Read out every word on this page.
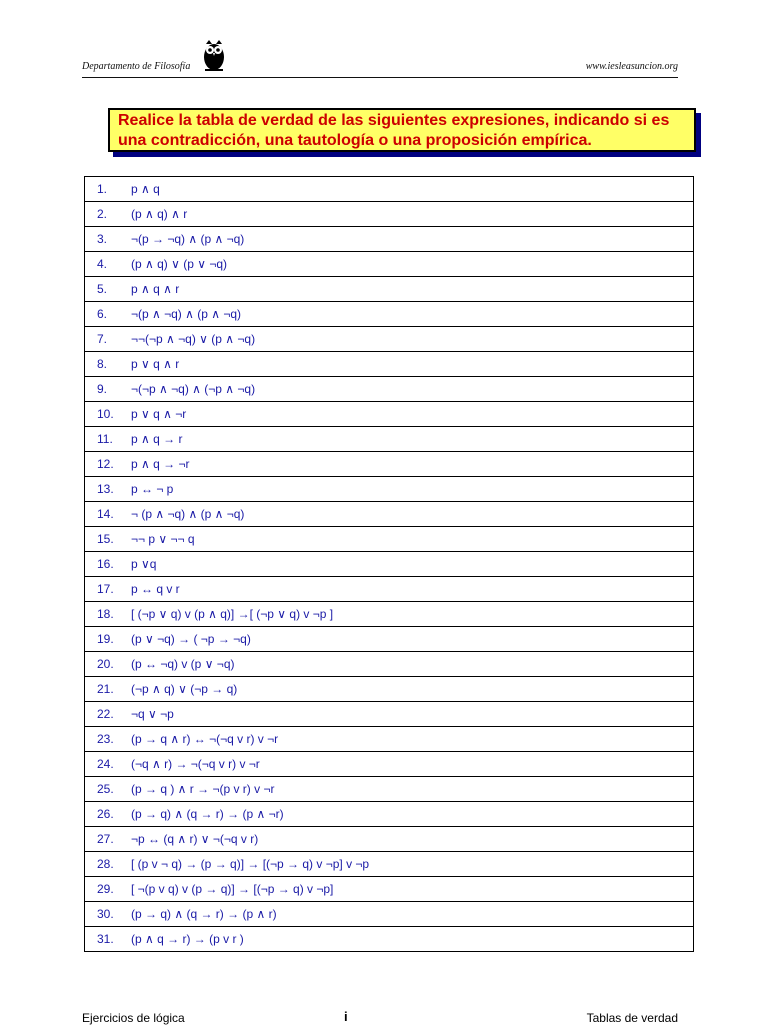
Departamento de Filosofía	www.iesleasuncion.org
Realice la tabla de verdad de las siguientes expresiones, indicando si es una contradicción, una tautología o una proposición empírica.
1. p ∧ q
2. (p ∧ q) ∧ r
3. ¬(p → ¬q) ∧ (p ∧ ¬q)
4. (p ∧ q) ∨ (p ∨ ¬q)
5. p ∧ q ∧ r
6. ¬(p ∧ ¬q) ∧ (p ∧ ¬q)
7. ¬¬(¬p ∧ ¬q) ∨ (p ∧ ¬q)
8. p ∨ q ∧ r
9. ¬(¬p ∧ ¬q) ∧ (¬p ∧ ¬q)
10. p ∨ q ∧ ¬r
11. p ∧ q → r
12. p ∧ q → ¬r
13. p ↔ ¬ p
14. ¬ (p ∧ ¬q) ∧ (p ∧ ¬q)
15. ¬¬ p ∨ ¬¬ q
16.p ∨q
17. p ↔ q v r
18. [ (¬p ∨ q) v (p ∧ q)] →[ (¬p ∨ q) v ¬p ]
19. (p ∨ ¬q) → ( ¬p → ¬q)
20. (p ↔ ¬q) v (p ∨ ¬q)
21. (¬p ∧ q) ∨ (¬p → q)
22. ¬q ∨ ¬p
23. (p → q ∧ r) ↔ ¬(¬q v r) v ¬r
24. (¬q ∧ r) → ¬(¬q v r) v ¬r
25. (p → q ) ∧ r → ¬(p v r) v ¬r
26. (p → q) ∧ (q → r) → (p ∧ ¬r)
27. ¬p ↔ (q ∧ r) ∨ ¬(¬q v r)
28. [ (p v ¬ q) → (p → q)] → [(¬p → q) v ¬p] v ¬p
29. [ ¬(p v q) v (p → q)] → [(¬p → q) v ¬p]
30. (p → q) ∧ (q → r) → (p ∧ r)
31. (p ∧ q → r) → (p v r )
Ejercicios de lógica	i	Tablas de verdad
